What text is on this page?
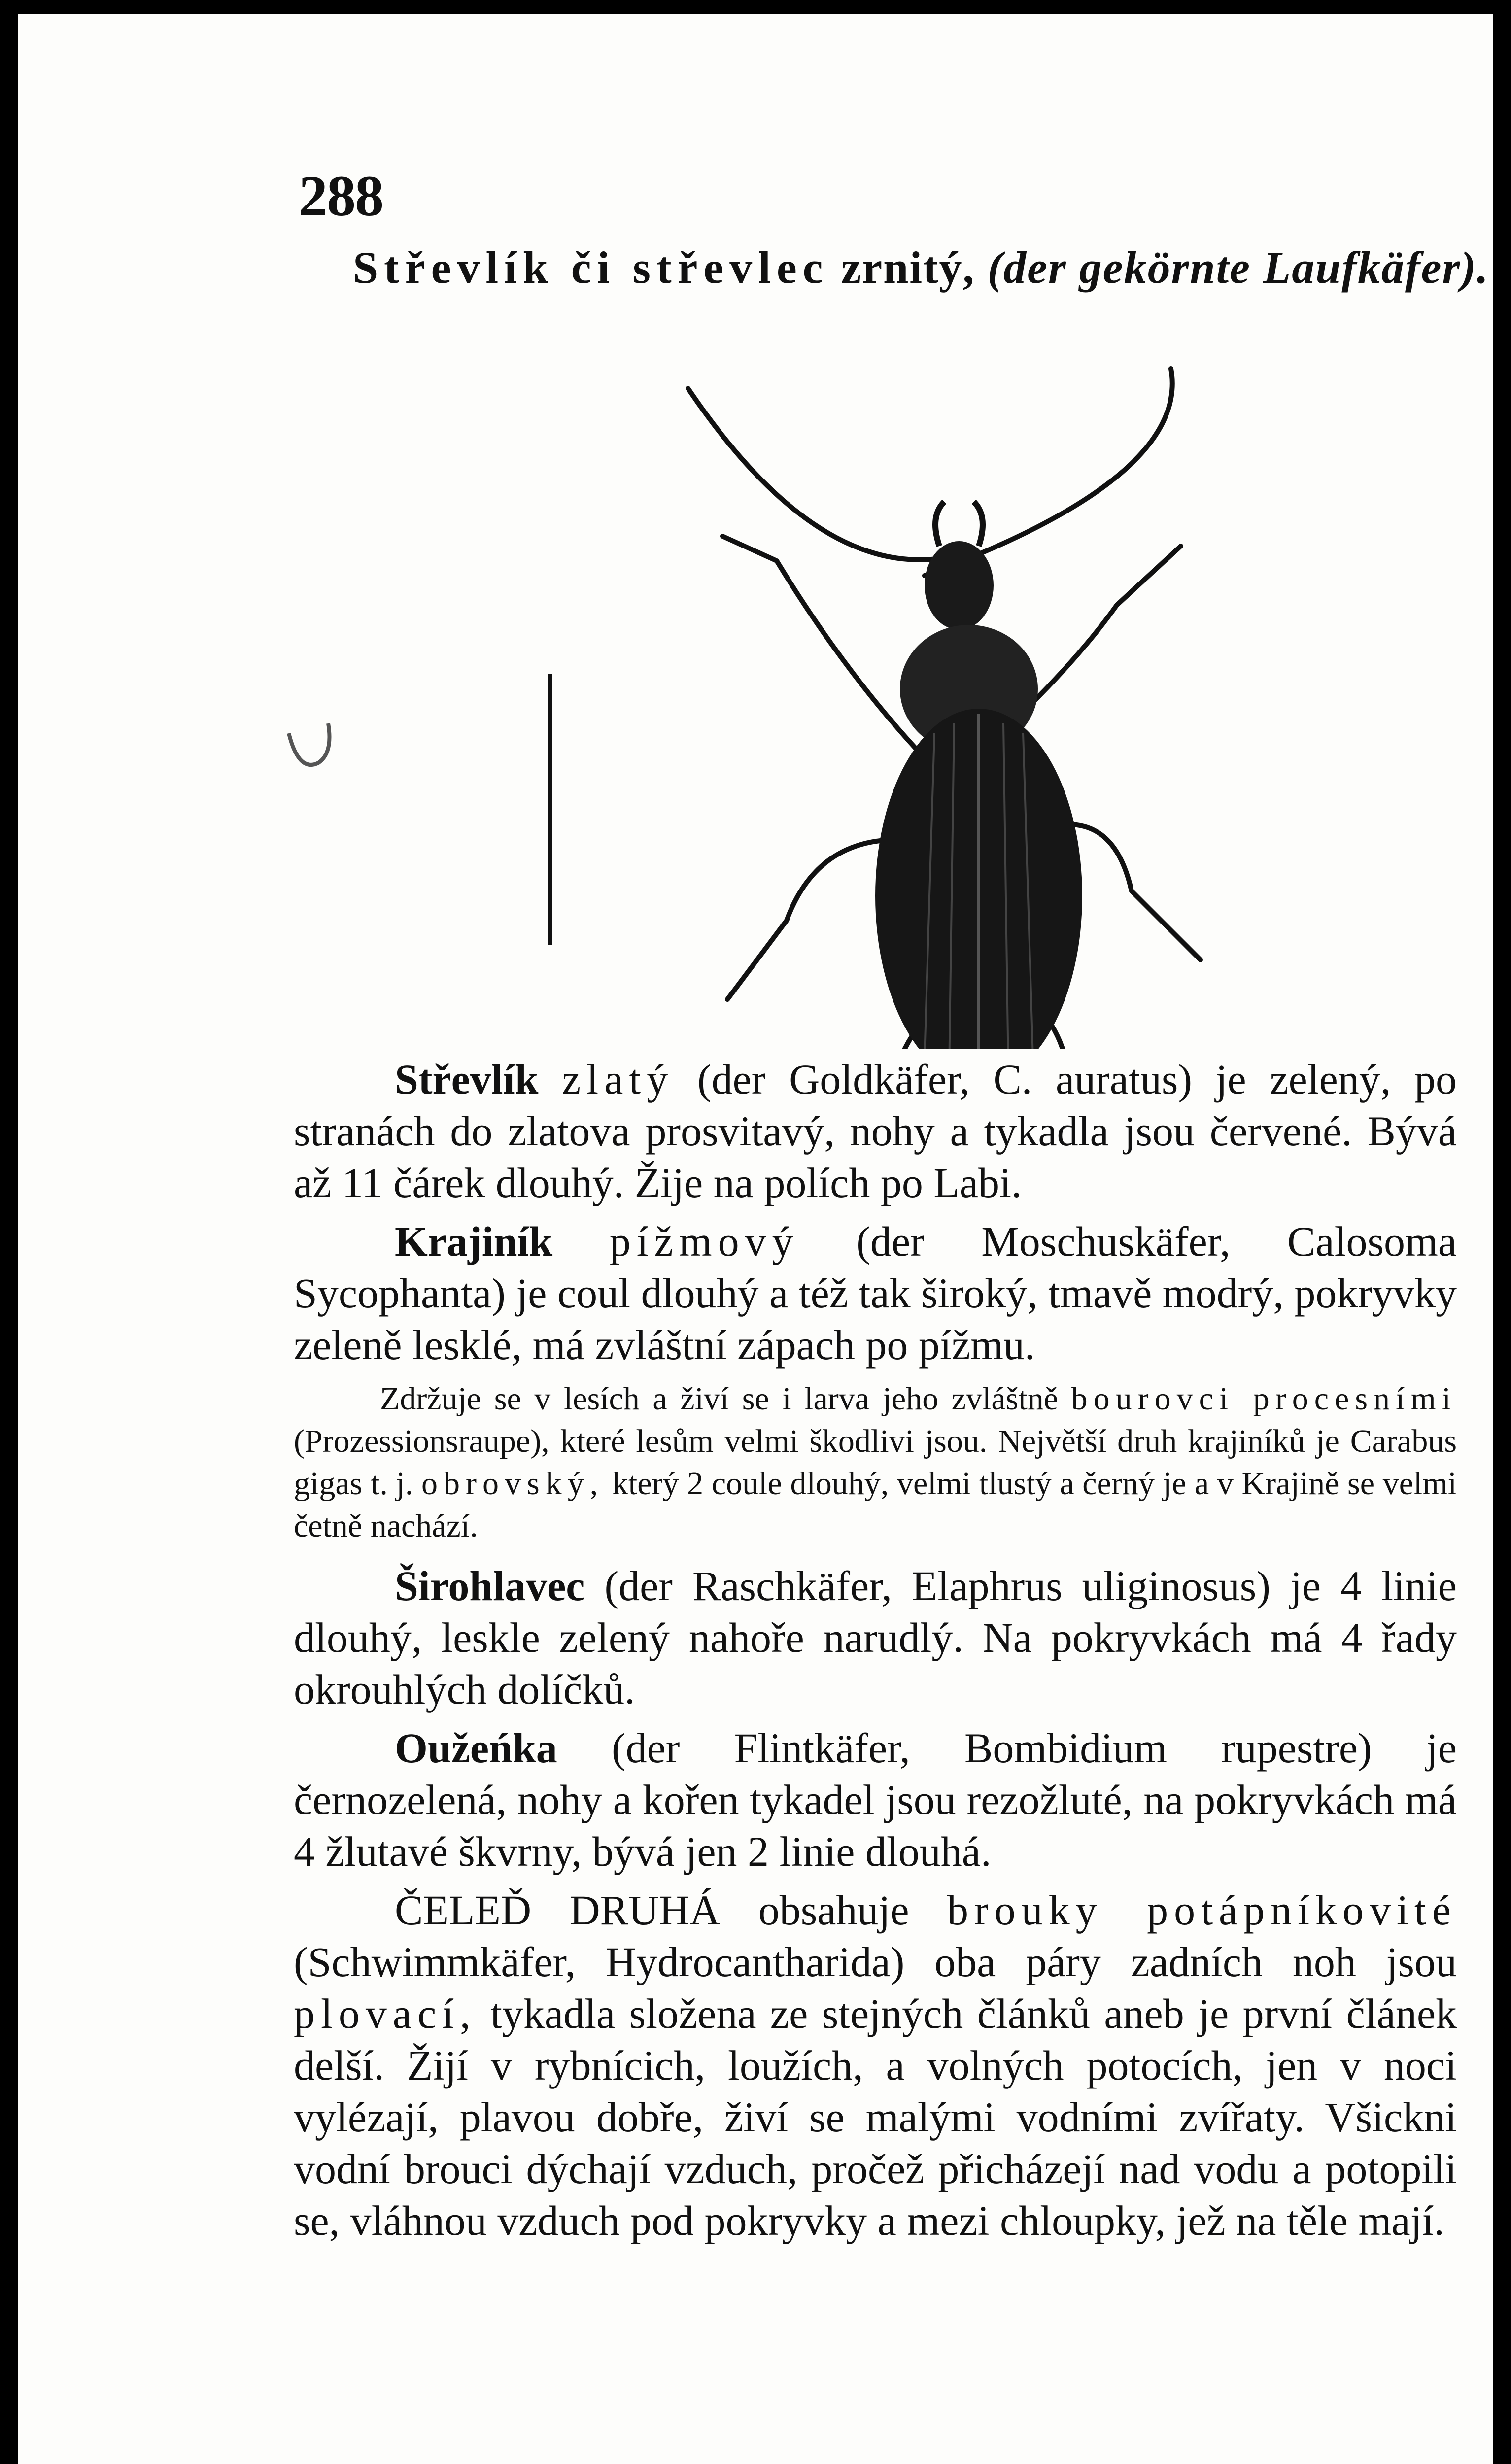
288
Střevlík či střevlec zrnitý, (der gekörnte Laufkäfer).

Střevlík zlatý (der Goldkäfer, C. auratus) je zelený, po stranách do zlatova prosvitavý, nohy a tykadla jsou červené. Bývá až 11 čárek dlouhý. Žije na polích po Labi.

Krajiník pížmový (der Moschuskäfer, Calosoma Sycophanta) je coul dlouhý a též tak široký, tmavě modrý, pokryvky zeleně lesklé, má zvláštní zápach po pížmu.

Zdržuje se v lesích a živí se i larva jeho zvláštně bourovci procesními (Prozessionsraupe), které lesům velmi škodlivi jsou. Největší druh krajiníků je Carabus gigas t. j. obrovský, který 2 coule dlouhý, velmi tlustý a černý je a v Krajině se velmi četně nachází.

Širohlavec (der Raschkäfer, Elaphrus uliginosus) je 4 linie dlouhý, leskle zelený nahoře narudlý. Na pokryvkách má 4 řady okrouhlých dolíčků.

Oužeńka (der Flintkäfer, Bombidium rupestre) je černozelená, nohy a kořen tykadel jsou rezožluté, na pokryvkách má 4 žlutavé škvrny, bývá jen 2 linie dlouhá.

ČELEĎ DRUHÁ obsahuje brouky potápníkovité (Schwimmkäfer, Hydrocantharida) oba páry zadních noh jsou plovací, tykadla složena ze stejných článků aneb je první článek delší. Žijí v rybnícich, loužích, a volných potocích, jen v noci vylézají, plavou dobře, živí se malými vodními zvířaty. Všickni vodní brouci dýchají vzduch, pročež přicházejí nad vodu a potopili se, vláhnou vzduch pod pokryvky a mezi chloupky, jež na těle mají.
